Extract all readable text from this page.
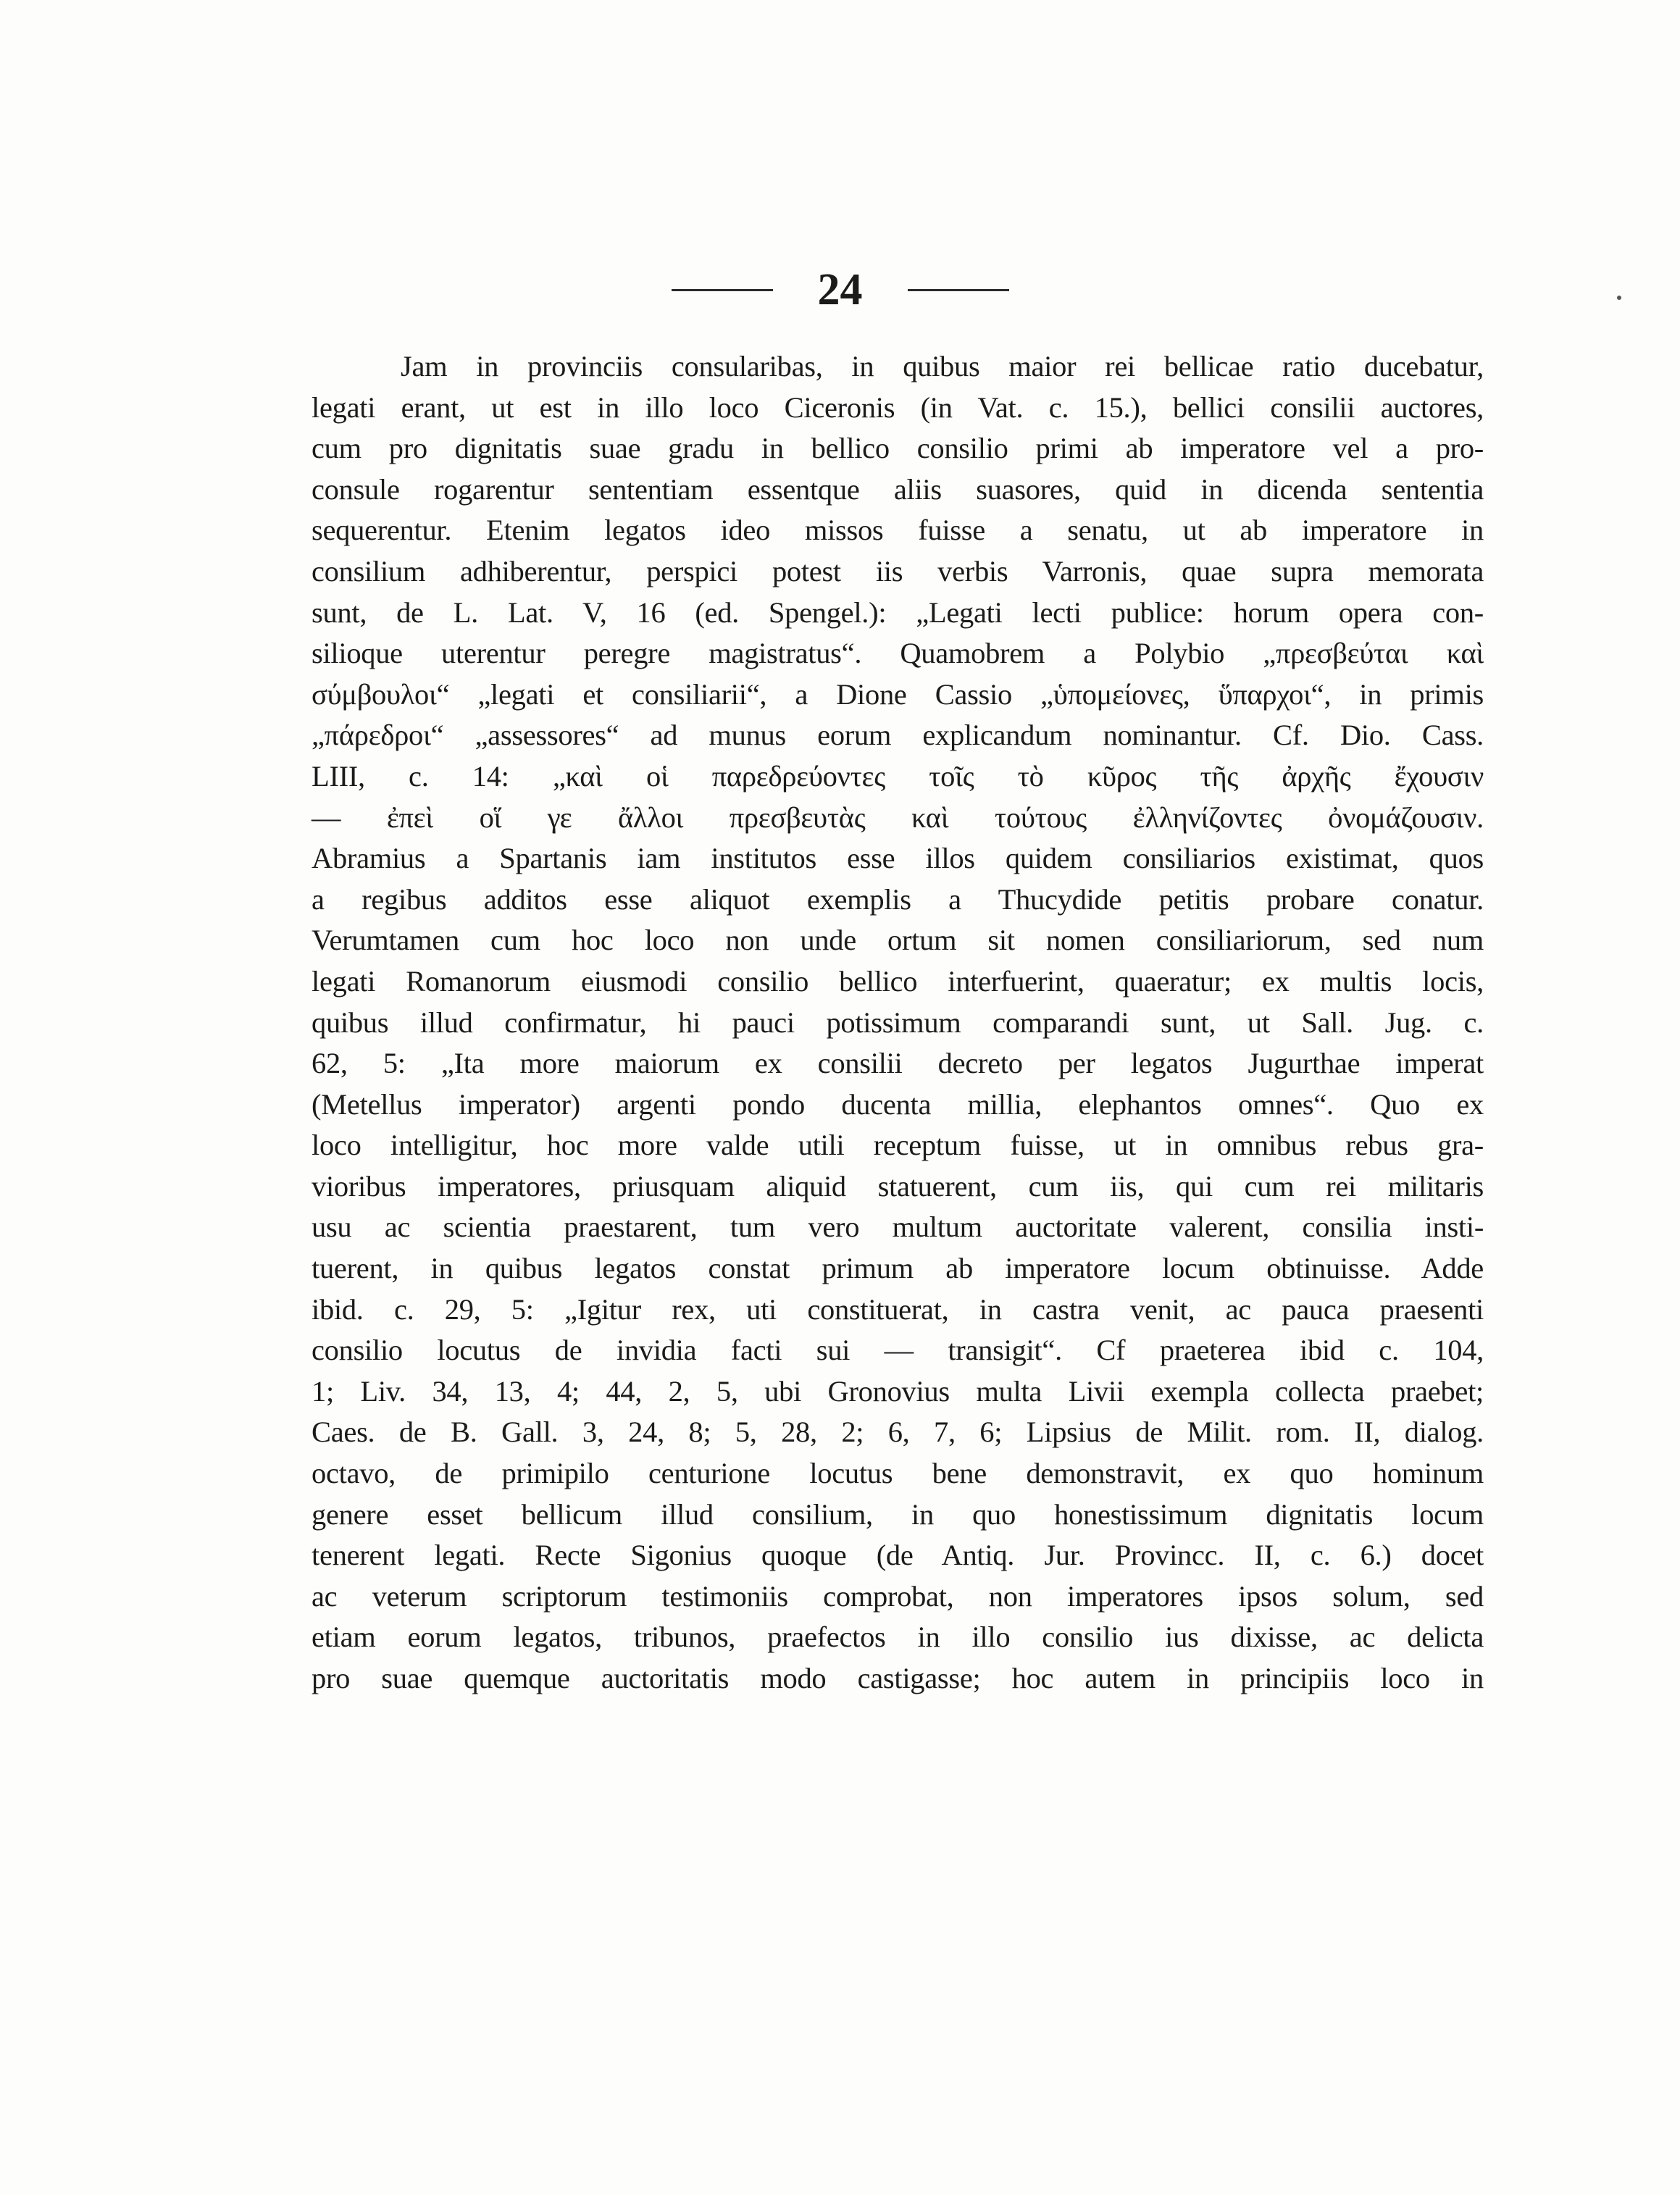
24
Jam in provinciis consularibas, in quibus maior rei bellicae ratio ducebatur,
legati erant, ut est in illo loco Ciceronis (in Vat. c. 15.), bellici consilii auctores,
cum pro dignitatis suae gradu in bellico consilio primi ab imperatore vel a pro-
consule rogarentur sententiam essentque aliis suasores, quid in dicenda sententia
sequerentur. Etenim legatos ideo missos fuisse a senatu, ut ab imperatore in
consilium adhiberentur, perspici potest iis verbis Varronis, quae supra memorata
sunt, de L. Lat. V, 16 (ed. Spengel.): „Legati lecti publice: horum opera con-
silioque uterentur peregre magistratus“. Quamobrem a Polybio „πρεσβεύται καὶ
σύμβουλοι“ „legati et consiliarii“, a Dione Cassio „ὑπομείονες, ὕπαρχοι“, in primis
„πάρεδροι“ „assessores“ ad munus eorum explicandum nominantur. Cf. Dio. Cass.
LIII, c. 14: „καὶ οἱ παρεδρεύοντες τοῖς τὸ κῦρος τῆς ἀρχῆς ἔχουσιν
— ἐπεὶ οἵ γε ἄλλοι πρεσβευτὰς καὶ τούτους ἐλληνίζοντες ὀνομάζουσιν.
Abramius a Spartanis iam institutos esse illos quidem consiliarios existimat, quos
a regibus additos esse aliquot exemplis a Thucydide petitis probare conatur.
Verumtamen cum hoc loco non unde ortum sit nomen consiliariorum, sed num
legati Romanorum eiusmodi consilio bellico interfuerint, quaeratur; ex multis locis,
quibus illud confirmatur, hi pauci potissimum comparandi sunt, ut Sall. Jug. c.
62, 5: „Ita more maiorum ex consilii decreto per legatos Jugurthae imperat
(Metellus imperator) argenti pondo ducenta millia, elephantos omnes“. Quo ex
loco intelligitur, hoc more valde utili receptum fuisse, ut in omnibus rebus gra-
vioribus imperatores, priusquam aliquid statuerent, cum iis, qui cum rei militaris
usu ac scientia praestarent, tum vero multum auctoritate valerent, consilia insti-
tuerent, in quibus legatos constat primum ab imperatore locum obtinuisse. Adde
ibid. c. 29, 5: „Igitur rex, uti constituerat, in castra venit, ac pauca praesenti
consilio locutus de invidia facti sui — transigit“. Cf praeterea ibid c. 104,
1; Liv. 34, 13, 4; 44, 2, 5, ubi Gronovius multa Livii exempla collecta praebet;
Caes. de B. Gall. 3, 24, 8; 5, 28, 2; 6, 7, 6; Lipsius de Milit. rom. II, dialog.
octavo, de primipilo centurione locutus bene demonstravit, ex quo hominum
genere esset bellicum illud consilium, in quo honestissimum dignitatis locum
tenerent legati. Recte Sigonius quoque (de Antiq. Jur. Provincc. II, c. 6.) docet
ac veterum scriptorum testimoniis comprobat, non imperatores ipsos solum, sed
etiam eorum legatos, tribunos, praefectos in illo consilio ius dixisse, ac delicta
pro suae quemque auctoritatis modo castigasse; hoc autem in principiis loco in
